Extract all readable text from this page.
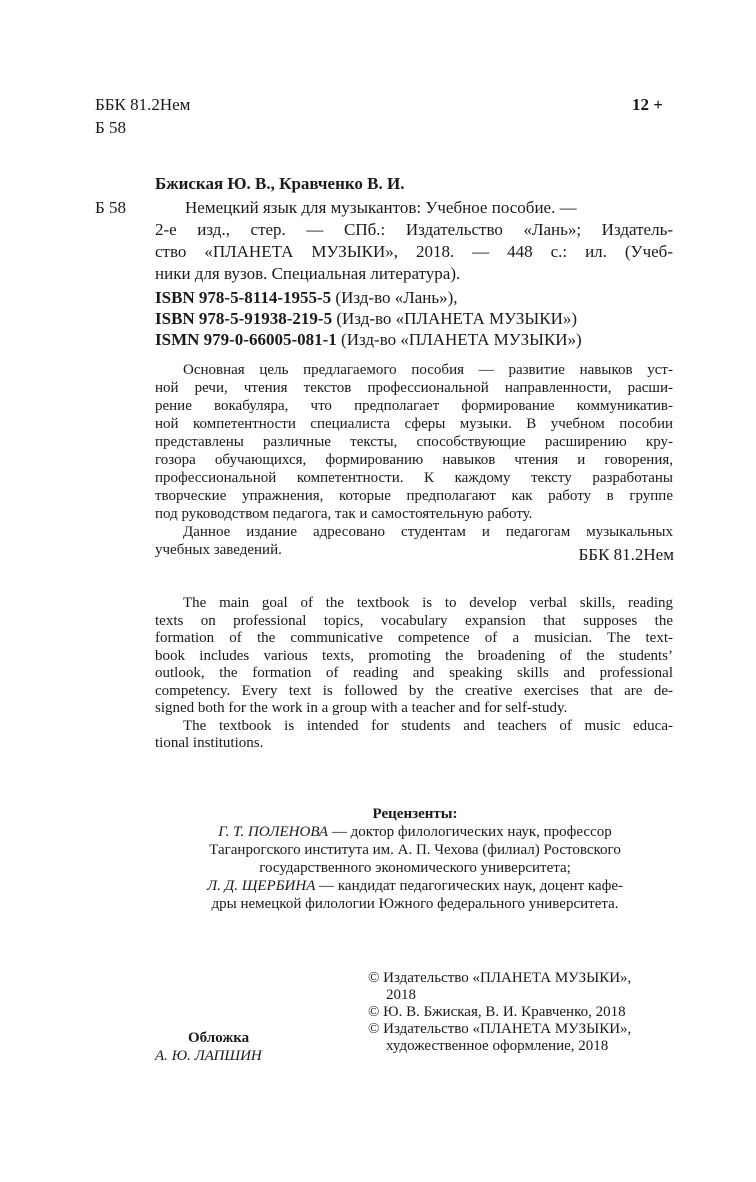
ББК 81.2Нем	12 +
Б 58
Бжиская Ю. В., Кравченко В. И.
Б 58	Немецкий язык для музыкантов: Учебное пособие. —
2-е изд., стер. — СПб.: Издательство «Лань»; Издатель-
ство «ПЛАНЕТА МУЗЫКИ», 2018. — 448 с.: ил. (Учеб-
ники для вузов. Специальная литература).
ISBN 978-5-8114-1955-5 (Изд-во «Лань»),
ISBN 978-5-91938-219-5 (Изд-во «ПЛАНЕТА МУЗЫКИ»)
ISMN 979-0-66005-081-1 (Изд-во «ПЛАНЕТА МУЗЫКИ»)
Основная цель предлагаемого пособия — развитие навыков уст-
ной речи, чтения текстов профессиональной направленности, расши-
рение вокабуляра, что предполагает формирование коммуникатив-
ной компетентности специалиста сферы музыки. В учебном пособии
представлены различные тексты, способствующие расширению кру-
гозора обучающихся, формированию навыков чтения и говорения,
профессиональной компетентности. К каждому тексту разработаны
творческие упражнения, которые предполагают как работу в группе
под руководством педагога, так и самостоятельную работу.
Данное издание адресовано студентам и педагогам музыкальных
учебных заведений.	ББК 81.2Нем
The main goal of the textbook is to develop verbal skills, reading
texts on professional topics, vocabulary expansion that supposes the
formation of the communicative competence of a musician. The text-
book includes various texts, promoting the broadening of the students’
outlook, the formation of reading and speaking skills and professional
competency. Every text is followed by the creative exercises that are de-
signed both for the work in a group with a teacher and for self-study.
The textbook is intended for students and teachers of music educa-
tional institutions.
Рецензенты:
Г. Т. ПОЛЕНОВА — доктор филологических наук, профессор
Таганрогского института им. А. П. Чехова (филиал) Ростовского
государственного экономического университета;
Л. Д. ЩЕРБИНА — кандидат педагогических наук, доцент кафе-
дры немецкой филологии Южного федерального университета.
© Издательство «ПЛАНЕТА МУЗЫКИ»,
2018
© Ю. В. Бжиская, В. И. Кравченко, 2018
© Издательство «ПЛАНЕТА МУЗЫКИ»,
художественное оформление, 2018
Обложка
А. Ю. ЛАПШИН
